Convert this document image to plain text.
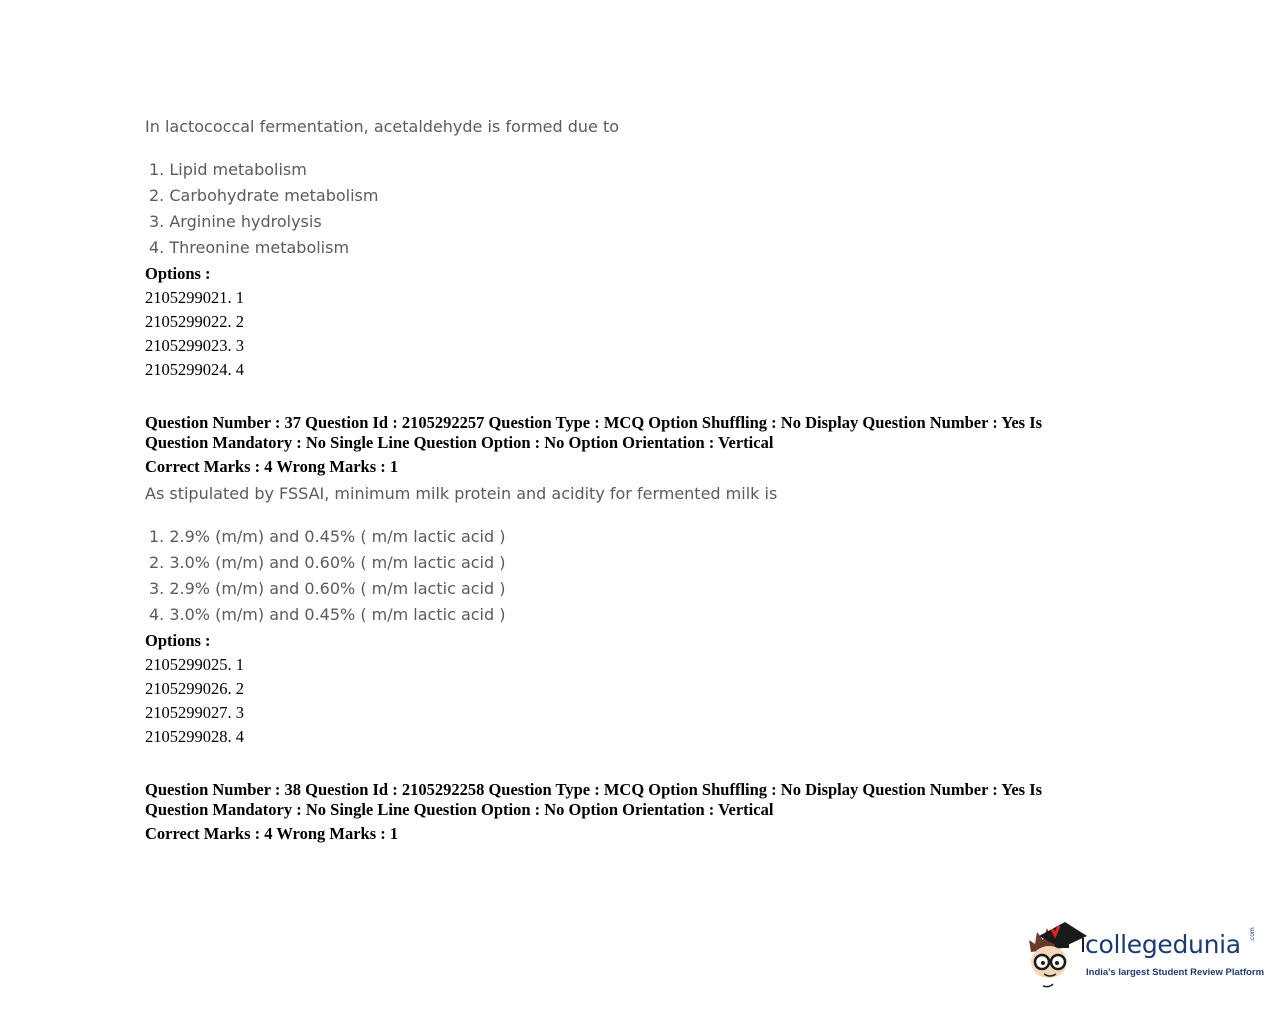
In lactococcal fermentation, acetaldehyde is formed due to
1. Lipid metabolism
2. Carbohydrate metabolism
3. Arginine hydrolysis
4. Threonine metabolism
Options :
2105299021. 1
2105299022. 2
2105299023. 3
2105299024. 4
Question Number : 37 Question Id : 2105292257 Question Type : MCQ Option Shuffling : No Display Question Number : Yes Is
Question Mandatory : No Single Line Question Option : No Option Orientation : Vertical
Correct Marks : 4 Wrong Marks : 1
As stipulated by FSSAI, minimum milk protein and acidity for fermented milk is
1. 2.9% (m/m) and 0.45% ( m/m lactic acid )
2. 3.0% (m/m) and 0.60% ( m/m lactic acid )
3. 2.9% (m/m) and 0.60% ( m/m lactic acid )
4. 3.0% (m/m) and 0.45% ( m/m lactic acid )
Options :
2105299025. 1
2105299026. 2
2105299027. 3
2105299028. 4
Question Number : 38 Question Id : 2105292258 Question Type : MCQ Option Shuffling : No Display Question Number : Yes Is
Question Mandatory : No Single Line Question Option : No Option Orientation : Vertical
Correct Marks : 4 Wrong Marks : 1
collegedunia .com
India's largest Student Review Platform
